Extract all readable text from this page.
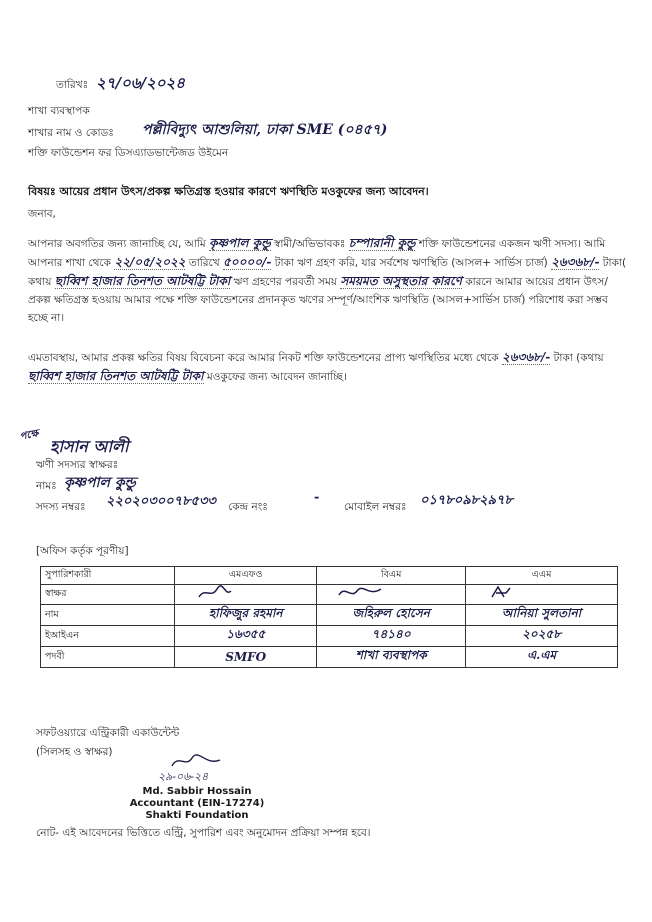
তারিখঃ ২৭/০৬/২০২৪
শাখা ব্যবস্থাপক
শাখার নাম ও কোডঃ পল্লীবিদ্যুৎ আশুলিয়া, ঢাকা SME (০৪৫৭)
শক্তি ফাউন্ডেশন ফর ডিসএ্যাডভান্টেজড উইমেন
বিষয়ঃ আয়ের প্রধান উৎস/প্রকল্প ক্ষতিগ্রস্ত হওয়ার কারণে ঋণস্থিতি মওকুফের জন্য আবেদন।
জনাব,
আপনার অবগতির জন্য জানাচ্ছি যে, আমি কৃষ্ণপাল কুন্ডু স্বামী/অভিভাবকঃ চম্পারানী কুন্ডু শক্তি ফাউন্ডেশনের একজন ঋণী সদস্য। আমি আপনার শাখা থেকে ২২/০৫/২০২২ তারিখে ৫০০০০/- টাকা ঋণ গ্রহণ করি, যার সর্বশেষ ঋণস্থিতি (আসল+ সার্ভিস চার্জ) ২৬৩৬৮/- টাকা( কথায় ছাব্বিশ হাজার তিনশত আটষট্টি টাকা ঋণ গ্রহণের পরবর্তী সময় সময়মত অসুস্থতার কারণে কারনে আমার আয়ের প্রধান উৎস/প্রকল্প ক্ষতিগ্রস্ত হওয়ায় আমার পক্ষে শক্তি ফাউন্ডেশনের প্রদানকৃত ঋণের সম্পূর্ণ/আংশিক ঋণস্থিতি (আসল+সার্ভিস চার্জ) পরিশোধ করা সম্ভব হচ্ছে না।
এমতাবস্থায়, আমার প্রকল্প ক্ষতির বিষয় বিবেচনা করে আমার নিকট শক্তি ফাউন্ডেশনের প্রাপ্য ঋণস্থিতির মধ্যে থেকে ২৬৩৬৮/- টাকা (কথায় ছাব্বিশ হাজার তিনশত আটষট্টি টাকা মওকুফের জন্য আবেদন জানাচ্ছি।
পক্ষে
হাসান আলী
ঋণী সদস্যর স্বাক্ষরঃ
নামঃ কৃষ্ণপাল কুন্ডু
সদস্য নম্বরঃ ২২০২০৩০০৭৮৫৩৩ কেন্দ্র নংঃ
-
মোবাইল নম্বরঃ ০১৭৮০৯৮২৯৭৮
[অফিস কর্তৃক পূরণীয়]
সুপারিশকারী	এমএফও	বিএম	এএম
স্বাক্ষর			
নাম	হাফিজুর রহমান	জহিরুল হোসেন	আনিয়া সুলতানা
ইআইএন	১৬৩৫৫	৭৪১৪০	২০২৫৮
পদবী	SMFO	শাখা ব্যবস্থাপক	এ.এম
সফটওয়্যারে এন্ট্রিকারী একাউন্টেন্ট
(সিলসহ ও স্বাক্ষর)
২৯-০৬-২৪
Md. Sabbir Hossain
Accountant (EIN-17274)
Shakti Foundation
নোট- এই আবেদনের ভিত্তিতে এন্ট্রি, সুপারিশ এবং অনুমোদন প্রক্রিয়া সম্পন্ন হবে।
